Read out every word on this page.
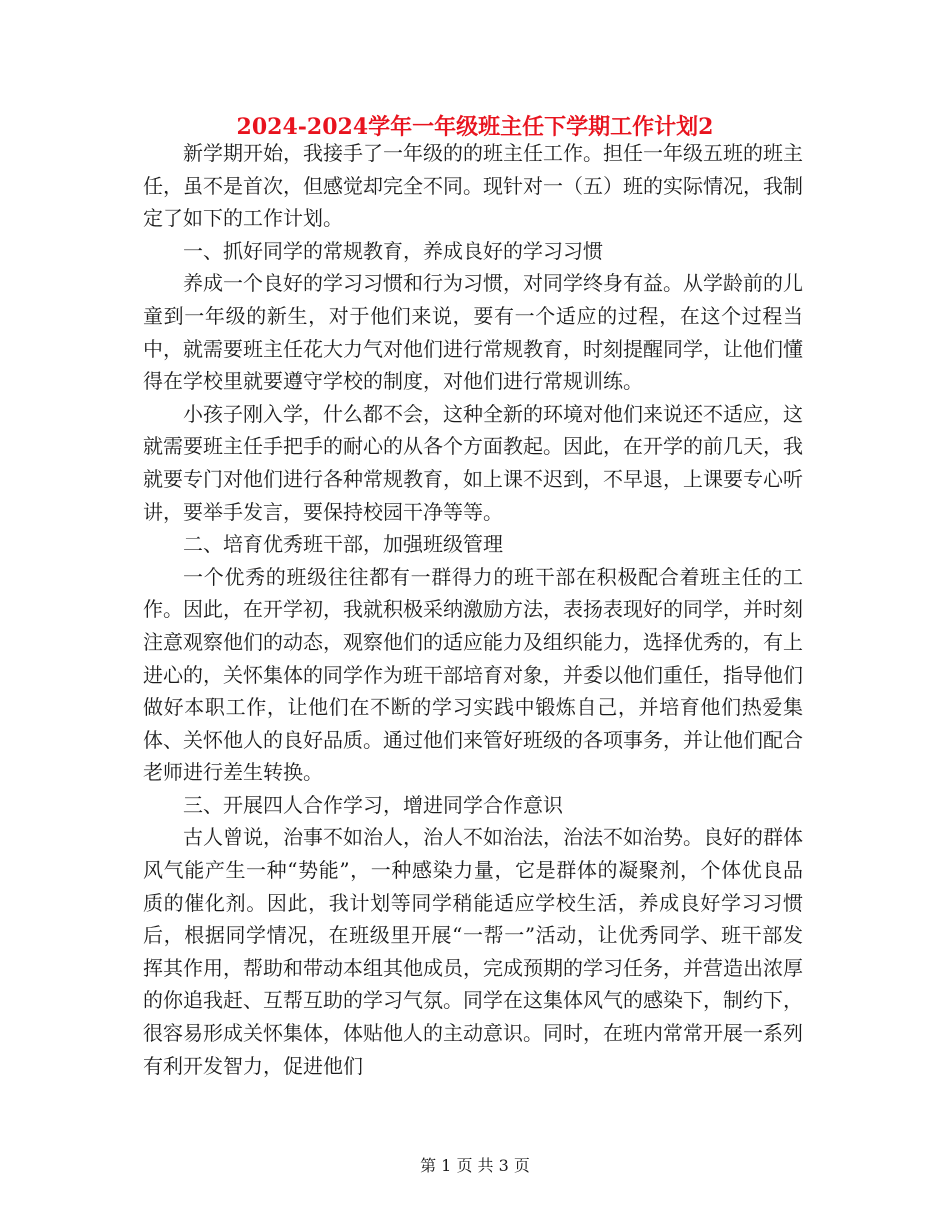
2024-2024学年一年级班主任下学期工作计划2

新学期开始，我接手了一年级的的班主任工作。担任一年级五班的班主任，虽不是首次，但感觉却完全不同。现针对一（五）班的实际情况，我制定了如下的工作计划。

一、抓好同学的常规教育，养成良好的学习习惯

养成一个良好的学习习惯和行为习惯，对同学终身有益。从学龄前的儿童到一年级的新生，对于他们来说，要有一个适应的过程，在这个过程当中，就需要班主任花大力气对他们进行常规教育，时刻提醒同学，让他们懂得在学校里就要遵守学校的制度，对他们进行常规训练。

小孩子刚入学，什么都不会，这种全新的环境对他们来说还不适应，这就需要班主任手把手的耐心的从各个方面教起。因此，在开学的前几天，我就要专门对他们进行各种常规教育，如上课不迟到，不早退，上课要专心听讲，要举手发言，要保持校园干净等等。

二、培育优秀班干部，加强班级管理

一个优秀的班级往往都有一群得力的班干部在积极配合着班主任的工作。因此，在开学初，我就积极采纳激励方法，表扬表现好的同学，并时刻注意观察他们的动态，观察他们的适应能力及组织能力，选择优秀的，有上进心的，关怀集体的同学作为班干部培育对象，并委以他们重任，指导他们做好本职工作，让他们在不断的学习实践中锻炼自己，并培育他们热爱集体、关怀他人的良好品质。通过他们来管好班级的各项事务，并让他们配合老师进行差生转换。

三、开展四人合作学习，增进同学合作意识

古人曾说，治事不如治人，治人不如治法，治法不如治势。良好的群体风气能产生一种“势能”，一种感染力量，它是群体的凝聚剂，个体优良品质的催化剂。因此，我计划等同学稍能适应学校生活，养成良好学习习惯后，根据同学情况，在班级里开展“一帮一”活动，让优秀同学、班干部发挥其作用，帮助和带动本组其他成员，完成预期的学习任务，并营造出浓厚的你追我赶、互帮互助的学习气氛。同学在这集体风气的感染下，制约下，很容易形成关怀集体，体贴他人的主动意识。同时，在班内常常开展一系列有利开发智力，促进他们

第 1 页 共 3 页
